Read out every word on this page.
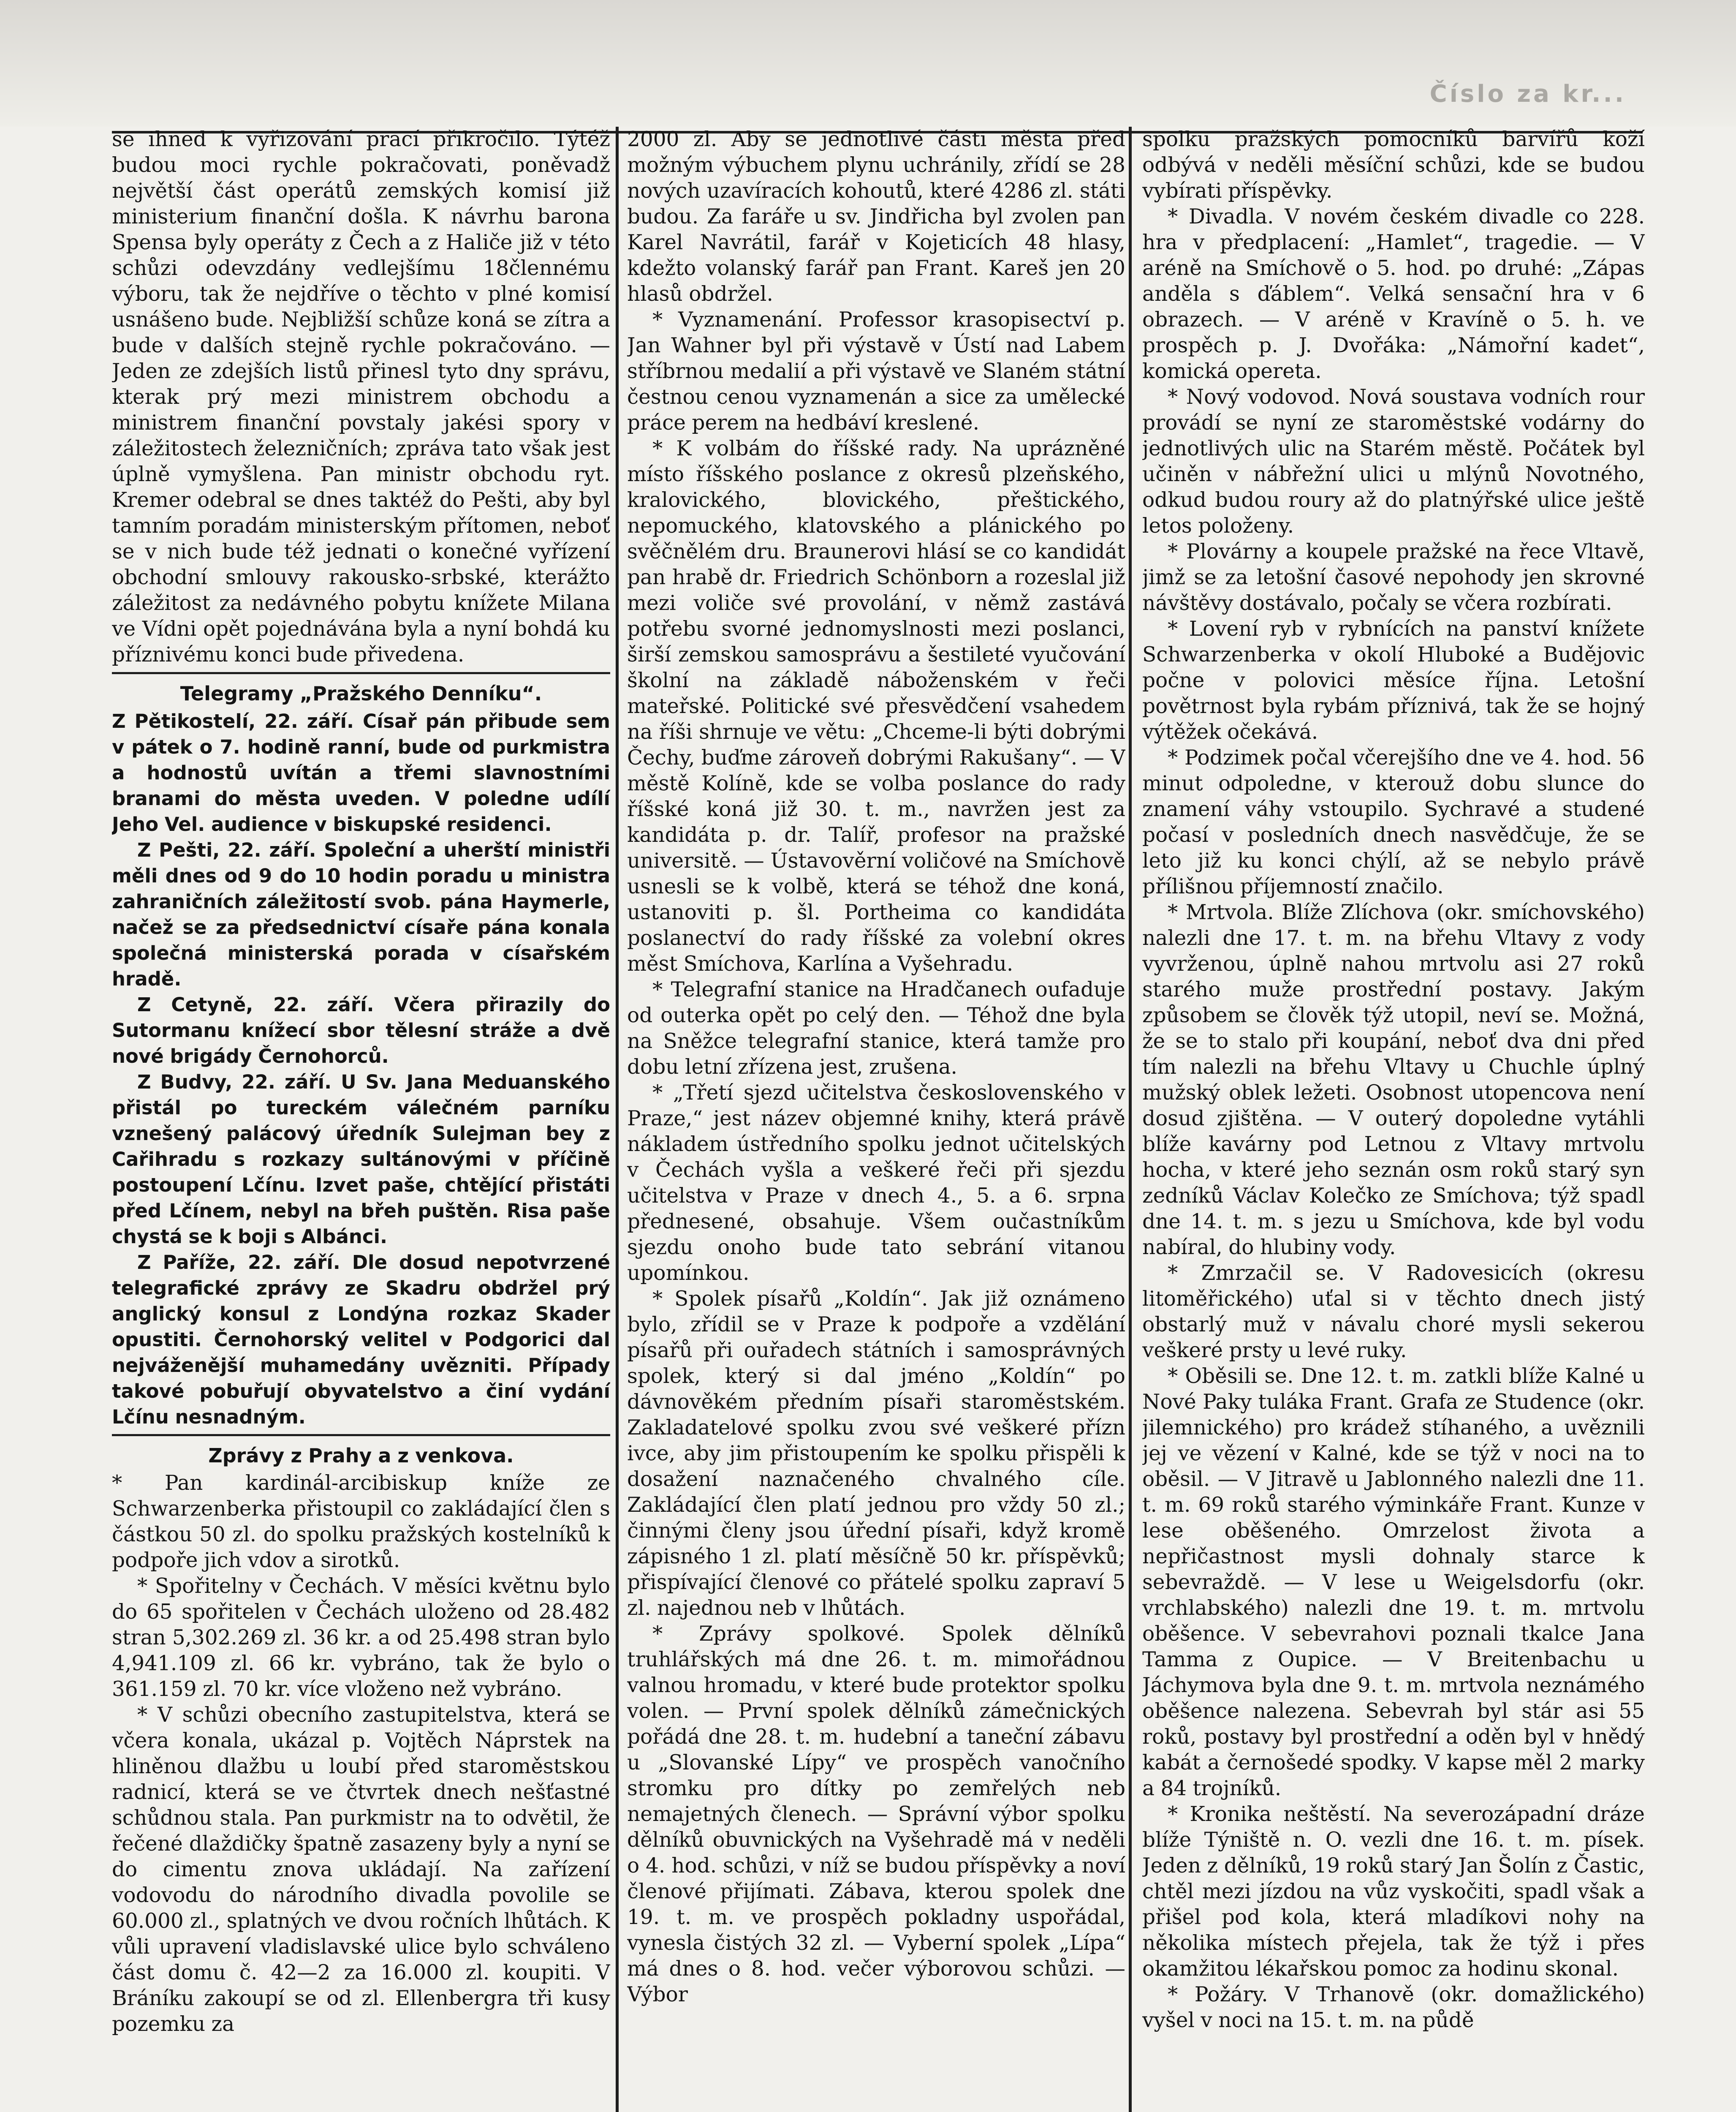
Číslo za kr...

se ihned k vyřizování prací přikročilo. Týtéž budou moci rychle pokračovati, poněvadž největší část operátů zemských komisí již ministerium finanční došla. K návrhu barona Spensa byly operáty z Čech a z Haliče již v této schůzi odevzdány vedlejšímu 18člennému výboru, tak že nejdříve o těchto v plné komisí usnášeno bude. Nejbližší schůze koná se zítra a bude v dalších stejně rychle pokračováno. — Jeden ze zdejších listů přinesl tyto dny správu, kterak prý mezi ministrem obchodu a ministrem finanční povstaly jakési spory v záležitostech železničních; zpráva tato však jest úplně vymyšlena. Pan ministr obchodu ryt. Kremer odebral se dnes taktéž do Pešti, aby byl tamním poradám ministerským přítomen, neboť se v nich bude též jednati o konečné vyřízení obchodní smlouvy rakousko-srbské, kterážto záležitost za nedávného pobytu knížete Milana ve Vídni opět pojednávána byla a nyní bohdá ku příznivému konci bude přivedena.

Telegramy „Pražského Denníku“.

Z Pětikostelí, 22. září. Císař pán přibude sem v pátek o 7. hodině ranní, bude od purkmistra a hodnostů uvítán a třemi slavnostními branami do města uveden. V poledne udílí Jeho Vel. audience v biskupské residenci.

Z Pešti, 22. září. Společní a uherští ministři měli dnes od 9 do 10 hodin poradu u ministra zahraničních záležitostí svob. pána Haymerle, načež se za předsednictví císaře pána konala společná ministerská porada v císařském hradě.

Z Cetyně, 22. září. Včera přirazily do Sutormanu knížecí sbor tělesní stráže a dvě nové brigády Černohorců.

Z Budvy, 22. září. U Sv. Jana Meduanského přistál po tureckém válečném parníku vznešený palácový úředník Sulejman bey z Cařihradu s rozkazy sultánovými v příčině postoupení Lčínu. Izvet paše, chtějící přistáti před Lčínem, nebyl na břeh puštěn. Risa paše chystá se k boji s Albánci.

Z Paříže, 22. září. Dle dosud nepotvrzené telegrafické zprávy ze Skadru obdržel prý anglický konsul z Londýna rozkaz Skader opustiti. Černohorský velitel v Podgorici dal nejváženější muhamedány uvězniti. Případy takové pobuřují obyvatelstvo a činí vydání Lčínu nesnadným.

Zprávy z Prahy a z venkova.

* Pan kardinál-arcibiskup kníže ze Schwarzenberka přistoupil co zakládající člen s částkou 50 zl. do spolku pražských kostelníků k podpoře jich vdov a sirotků.

* Spořitelny v Čechách. V měsíci květnu bylo do 65 spořitelen v Čechách uloženo od 28.482 stran 5,302.269 zl. 36 kr. a od 25.498 stran bylo 4,941.109 zl. 66 kr. vybráno, tak že bylo o 361.159 zl. 70 kr. více vloženo než vybráno.

* V schůzi obecního zastupitelstva, která se včera konala, ukázal p. Vojtěch Náprstek na hliněnou dlažbu u loubí před staroměstskou radnicí, která se ve čtvrtek dnech nešťastné schůdnou stala. Pan purkmistr na to odvětil, že řečené dlaždičky špatně zasazeny byly a nyní se do cimentu znova ukládají. Na zařízení vodovodu do národního divadla povolile se 60.000 zl., splatných ve dvou ročních lhůtách. K vůli upravení vladislavské ulice bylo schváleno část domu č. 42—2 za 16.000 zl. koupiti. V Bráníku zakoupí se od zl. Ellenbergra tři kusy pozemku za

2000 zl. Aby se jednotlivé části města před možným výbuchem plynu uchránily, zřídí se 28 nových uzavíracích kohoutů, které 4286 zl. státi budou. Za faráře u sv. Jindřicha byl zvolen pan Karel Navrátil, farář v Kojeticích 48 hlasy, kdežto volanský farář pan Frant. Kareš jen 20 hlasů obdržel.

* Vyznamenání. Professor krasopisectví p. Jan Wahner byl při výstavě v Ústí nad Labem stříbrnou medalií a při výstavě ve Slaném státní čestnou cenou vyznamenán a sice za umělecké práce perem na hedbáví kreslené.

* K volbám do říšské rady. Na uprázněné místo říšského poslance z okresů plzeňského, kralovického, blovického, přeštického, nepomuckého, klatovského a plánického po svěčnělém dru. Braunerovi hlásí se co kandidát pan hrabě dr. Friedrich Schönborn a rozeslal již mezi voliče své provolání, v němž zastává potřebu svorné jednomyslnosti mezi poslanci, širší zemskou samosprávu a šestileté vyučování školní na základě náboženském v řeči mateřské. Politické své přesvědčení vsahedem na říši shrnuje ve větu: „Chceme-li býti dobrými Čechy, buďme zároveň dobrými Rakušany“. — V městě Kolíně, kde se volba poslance do rady říšské koná již 30. t. m., navržen jest za kandidáta p. dr. Talíř, profesor na pražské universitě. — Ústavověrní voličové na Smíchově usnesli se k volbě, která se téhož dne koná, ustanoviti p. šl. Portheima co kandidáta poslanectví do rady říšské za volební okres měst Smíchova, Karlína a Vyšehradu.

* Telegrafní stanice na Hradčanech oufaduje od outerka opět po celý den. — Téhož dne byla na Sněžce telegrafní stanice, která tamže pro dobu letní zřízena jest, zrušena.

* „Třetí sjezd učitelstva československého v Praze,“ jest název objemné knihy, která právě nákladem ústředního spolku jednot učitelských v Čechách vyšla a veškeré řeči při sjezdu učitelstva v Praze v dnech 4., 5. a 6. srpna přednesené, obsahuje. Všem oučastníkům sjezdu onoho bude tato sebrání vitanou upomínkou.

* Spolek písařů „Koldín“. Jak již oznámeno bylo, zřídil se v Praze k podpoře a vzdělání písařů při ouřadech státních i samosprávných spolek, který si dal jméno „Koldín“ po dávnověkém předním písaři staroměstském. Zakladatelové spolku zvou své veškeré přízn ivce, aby jim přistoupením ke spolku přispěli k dosažení naznačeného chvalného cíle. Zakládající člen platí jednou pro vždy 50 zl.; činnými členy jsou úřední písaři, když kromě zápisného 1 zl. platí měsíčně 50 kr. příspěvků; přispívající členové co přátelé spolku zapraví 5 zl. najednou neb v lhůtách.

* Zprávy spolkové. Spolek dělníků truhlářských má dne 26. t. m. mimořádnou valnou hromadu, v které bude protektor spolku volen. — První spolek dělníků zámečnických pořádá dne 28. t. m. hudební a taneční zábavu u „Slovanské Lípy“ ve prospěch vanočního stromku pro dítky po zemřelých neb nemajetných členech. — Správní výbor spolku dělníků obuvnických na Vyšehradě má v neděli o 4. hod. schůzi, v níž se budou příspěvky a noví členové přijímati. Zábava, kterou spolek dne 19. t. m. ve prospěch pokladny uspořádal, vynesla čistých 32 zl. — Vyberní spolek „Lípa“ má dnes o 8. hod. večer výborovou schůzi. — Výbor

spolku pražských pomocníků barvířů koží odbývá v neděli měsíční schůzi, kde se budou vybírati příspěvky.

* Divadla. V novém českém divadle co 228. hra v předplacení: „Hamlet“, tragedie. — V aréně na Smíchově o 5. hod. po druhé: „Zápas anděla s ďáblem“. Velká sensační hra v 6 obrazech. — V aréně v Kravíně o 5. h. ve prospěch p. J. Dvořáka: „Námořní kadet“, komická opereta.

* Nový vodovod. Nová soustava vodních rour provádí se nyní ze staroměstské vodárny do jednotlivých ulic na Starém městě. Počátek byl učiněn v nábřežní ulici u mlýnů Novotného, odkud budou roury až do platnýřské ulice ještě letos položeny.

* Plovárny a koupele pražské na řece Vltavě, jimž se za letošní časové nepohody jen skrovné návštěvy dostávalo, počaly se včera rozbírati.

* Lovení ryb v rybnících na panství knížete Schwarzenberka v okolí Hluboké a Budějovic počne v polovici měsíce října. Letošní povětrnost byla rybám příznivá, tak že se hojný výtěžek očekává.

* Podzimek počal včerejšího dne ve 4. hod. 56 minut odpoledne, v kterouž dobu slunce do znamení váhy vstoupilo. Sychravé a studené počasí v posledních dnech nasvědčuje, že se leto již ku konci chýlí, až se nebylo právě přílišnou příjemností značilo.

* Mrtvola. Blíže Zlíchova (okr. smíchovského) nalezli dne 17. t. m. na břehu Vltavy z vody vyvrženou, úplně nahou mrtvolu asi 27 roků starého muže prostřední postavy. Jakým způsobem se člověk týž utopil, neví se. Možná, že se to stalo při koupání, neboť dva dni před tím nalezli na břehu Vltavy u Chuchle úplný mužský oblek ležeti. Osobnost utopencova není dosud zjištěna. — V outerý dopoledne vytáhli blíže kavárny pod Letnou z Vltavy mrtvolu hocha, v které jeho seznán osm roků starý syn zedníků Václav Kolečko ze Smíchova; týž spadl dne 14. t. m. s jezu u Smíchova, kde byl vodu nabíral, do hlubiny vody.

* Zmrzačil se. V Radovesicích (okresu litoměřického) uťal si v těchto dnech jistý obstarlý muž v návalu choré mysli sekerou veškeré prsty u levé ruky.

* Oběsili se. Dne 12. t. m. zatkli blíže Kalné u Nové Paky tuláka Frant. Grafa ze Studence (okr. jilemnického) pro krádež stíhaného, a uvěznili jej ve vězení v Kalné, kde se týž v noci na to oběsil. — V Jitravě u Jablonného nalezli dne 11. t. m. 69 roků starého výminkáře Frant. Kunze v lese oběšeného. Omrzelost života a nepřičastnost mysli dohnaly starce k sebevraždě. — V lese u Weigelsdorfu (okr. vrchlabského) nalezli dne 19. t. m. mrtvolu oběšence. V sebevrahovi poznali tkalce Jana Tamma z Oupice. — V Breitenbachu u Jáchymova byla dne 9. t. m. mrtvola neznámého oběšence nalezena. Sebevrah byl stár asi 55 roků, postavy byl prostřední a oděn byl v hnědý kabát a černošedé spodky. V kapse měl 2 marky a 84 trojníků.

* Kronika neštěstí. Na severozápadní dráze blíže Týniště n. O. vezli dne 16. t. m. písek. Jeden z dělníků, 19 roků starý Jan Šolín z Častic, chtěl mezi jízdou na vůz vyskočiti, spadl však a přišel pod kola, která mladíkovi nohy na několika místech přejela, tak že týž i přes okamžitou lékařskou pomoc za hodinu skonal.

* Požáry. V Trhanově (okr. domažlického) vyšel v noci na 15. t. m. na půdě
